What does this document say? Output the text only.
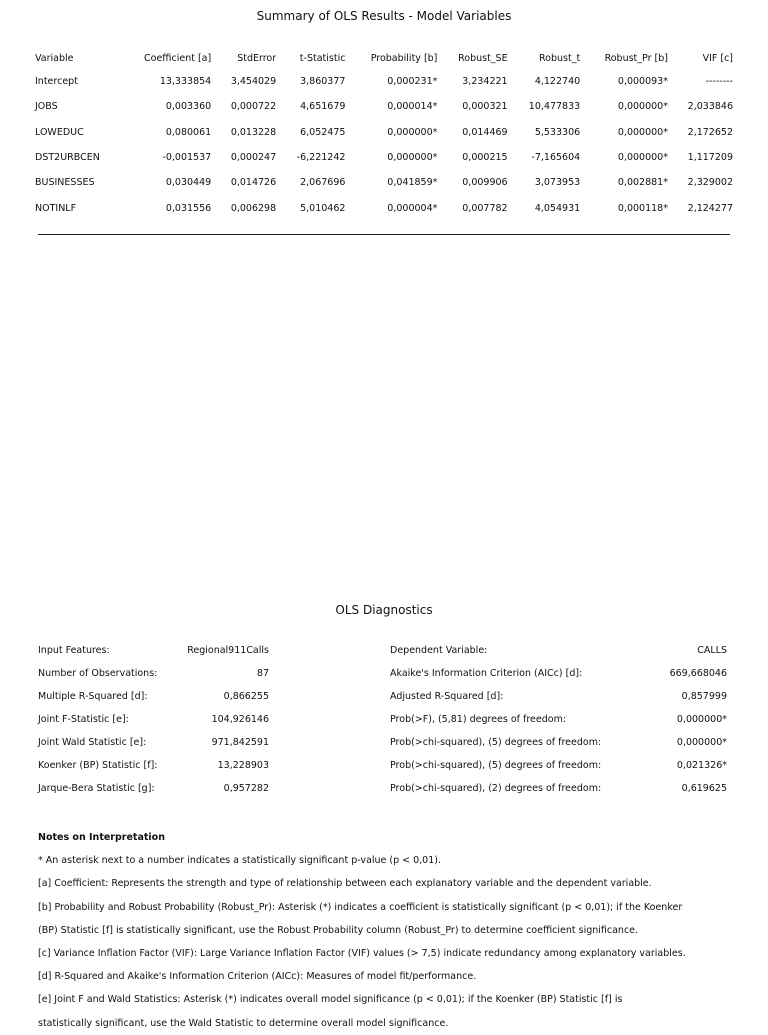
Summary of OLS Results - Model Variables
Variable	Coefficient [a]	StdError	t-Statistic	Probability [b]	Robust_SE	Robust_t	Robust_Pr [b]	VIF [c]
Intercept	13,333854	3,454029	3,860377	0,000231*	3,234221	4,122740	0,000093*	--------
JOBS	0,003360	0,000722	4,651679	0,000014*	0,000321	10,477833	0,000000*	2,033846
LOWEDUC	0,080061	0,013228	6,052475	0,000000*	0,014469	5,533306	0,000000*	2,172652
DST2URBCEN	-0,001537	0,000247	-6,221242	0,000000*	0,000215	-7,165604	0,000000*	1,117209
BUSINESSES	0,030449	0,014726	2,067696	0,041859*	0,009906	3,073953	0,002881*	2,329002
NOTINLF	0,031556	0,006298	5,010462	0,000004*	0,007782	4,054931	0,000118*	2,124277
OLS Diagnostics
Input Features:	Regional911Calls
Number of Observations:	87
Multiple R-Squared [d]:	0,866255
Joint F-Statistic [e]:	104,926146
Joint Wald Statistic [e]:	971,842591
Koenker (BP) Statistic [f]:	13,228903
Jarque-Bera Statistic [g]:	0,957282
Dependent Variable:	CALLS
Akaike's Information Criterion (AICc) [d]:	669,668046
Adjusted R-Squared [d]:	0,857999
Prob(>F), (5,81) degrees of freedom:	0,000000*
Prob(>chi-squared), (5) degrees of freedom:	0,000000*
Prob(>chi-squared), (5) degrees of freedom:	0,021326*
Prob(>chi-squared), (2) degrees of freedom:	0,619625
Notes on Interpretation
* An asterisk next to a number indicates a statistically significant p-value (p < 0,01).
[a] Coefficient: Represents the strength and type of relationship between each explanatory variable and the dependent variable.
[b] Probability and Robust Probability (Robust_Pr): Asterisk (*) indicates a coefficient is statistically significant (p < 0,01); if the Koenker
(BP) Statistic [f] is statistically significant, use the Robust Probability column (Robust_Pr) to determine coefficient significance.
[c] Variance Inflation Factor (VIF): Large Variance Inflation Factor (VIF) values (> 7,5) indicate redundancy among explanatory variables.
[d] R-Squared and Akaike's Information Criterion (AICc): Measures of model fit/performance.
[e] Joint F and Wald Statistics: Asterisk (*) indicates overall model significance (p < 0,01); if the Koenker (BP) Statistic [f] is
statistically significant, use the Wald Statistic to determine overall model significance.
